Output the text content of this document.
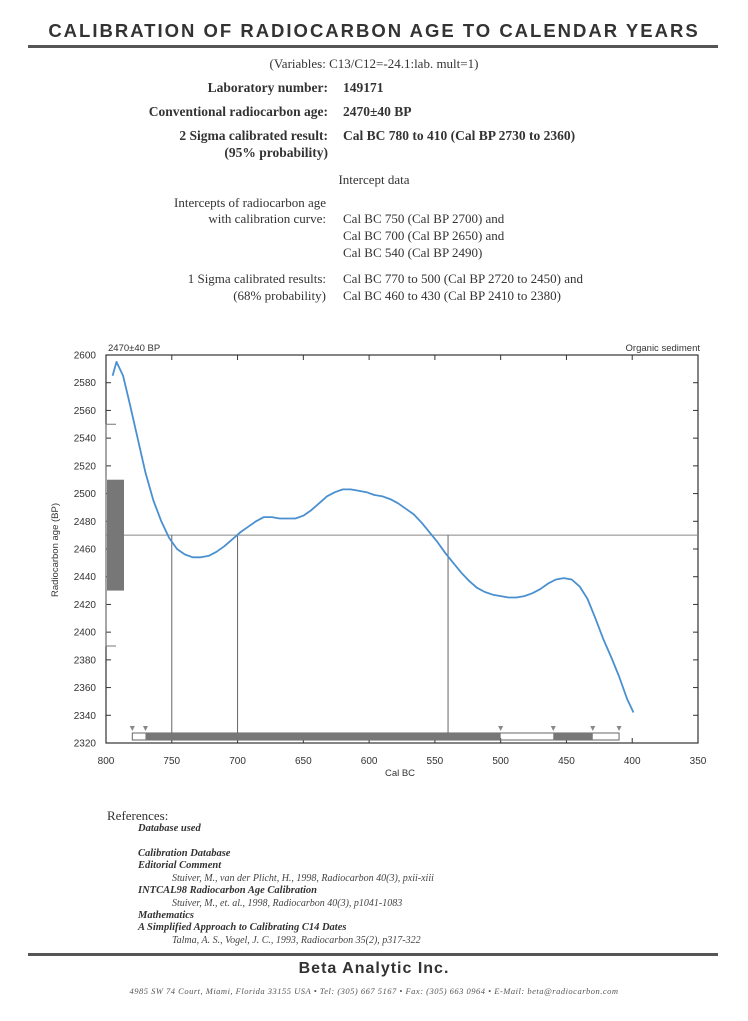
CALIBRATION OF RADIOCARBON AGE TO CALENDAR YEARS
(Variables: C13/C12=-24.1:lab. mult=1)
Laboratory number: 149171
Conventional radiocarbon age: 2470±40 BP
2 Sigma calibrated result:
(95% probability)
Cal BC 780 to 410 (Cal BP 2730 to 2360)
Intercept data
Intercepts of radiocarbon age
with calibration curve: Cal BC 750 (Cal BP 2700) and
Cal BC 700 (Cal BP 2650) and
Cal BC 540 (Cal BP 2490)
1 Sigma calibrated results:
(68% probability)
Cal BC 770 to 500 (Cal BP 2720 to 2450) and
Cal BC 460 to 430 (Cal BP 2410 to 2380)
2470±40 BP	Organic sediment
Cal BC
Radiocarbon age (BP)
2320
2340
2360
2380
2400
2420
2440
2460
2480
2500
2520
2540
2560
2580
2600
800	750	700	650	600	550	500	450	400	350
References:
Database used
Calibration Database
Editorial Comment
Stuiver, M., van der Plicht, H., 1998, Radiocarbon 40(3), pxii-xiii
INTCAL98 Radiocarbon Age Calibration
Stuiver, M., et. al., 1998, Radiocarbon 40(3), p1041-1083
Mathematics
A Simplified Approach to Calibrating C14 Dates
Talma, A. S., Vogel, J. C., 1993, Radiocarbon 35(2), p317-322
Beta Analytic Inc.
4985 SW 74 Court, Miami, Florida 33155 USA • Tel: (305) 667 5167 • Fax: (305) 663 0964 • E-Mail: beta@radiocarbon.com
